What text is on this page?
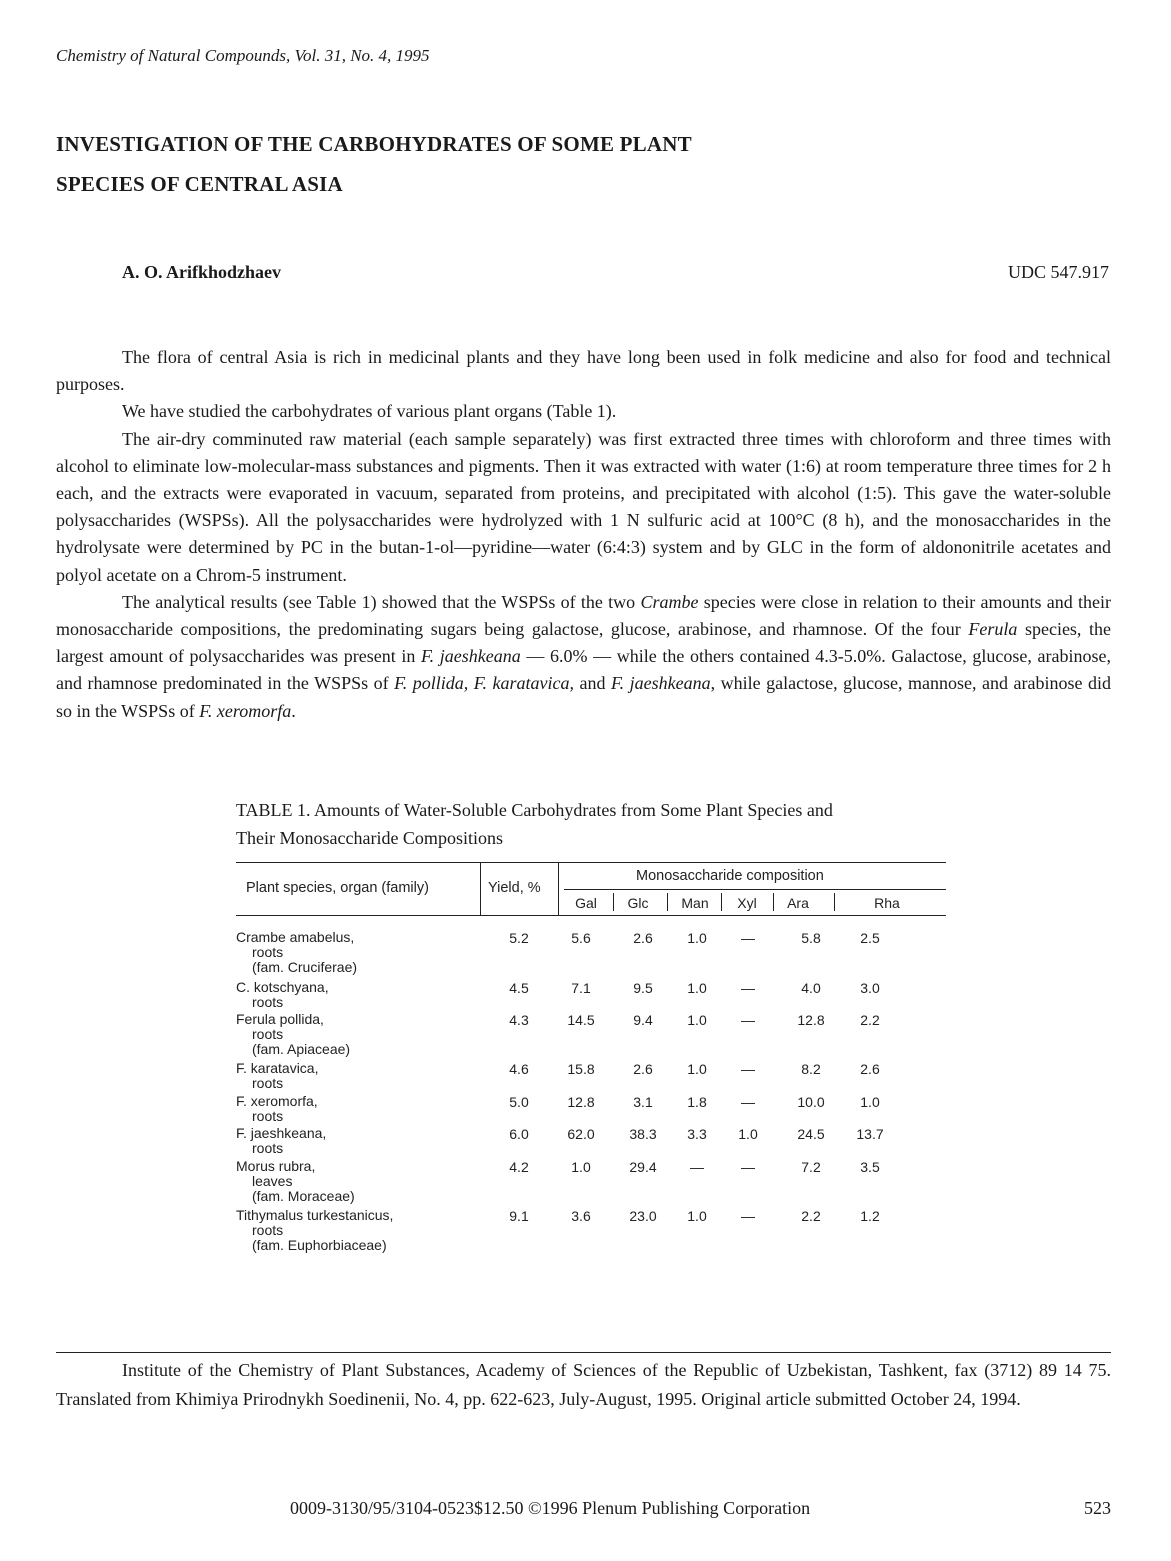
Chemistry of Natural Compounds, Vol. 31, No. 4, 1995
INVESTIGATION OF THE CARBOHYDRATES OF SOME PLANT
SPECIES OF CENTRAL ASIA
A. O. Arifkhodzhaev	UDC 547.917

The flora of central Asia is rich in medicinal plants and they have long been used in folk medicine and also for food and technical purposes.

We have studied the carbohydrates of various plant organs (Table 1).

The air-dry comminuted raw material (each sample separately) was first extracted three times with chloroform and three times with alcohol to eliminate low-molecular-mass substances and pigments. Then it was extracted with water (1:6) at room temperature three times for 2 h each, and the extracts were evaporated in vacuum, separated from proteins, and precipitated with alcohol (1:5). This gave the water-soluble polysaccharides (WSPSs). All the polysaccharides were hydrolyzed with 1 N sulfuric acid at 100°C (8 h), and the monosaccharides in the hydrolysate were determined by PC in the butan-1-ol—pyridine—water (6:4:3) system and by GLC in the form of aldononitrile acetates and polyol acetate on a Chrom-5 instrument.

The analytical results (see Table 1) showed that the WSPSs of the two Crambe species were close in relation to their amounts and their monosaccharide compositions, the predominating sugars being galactose, glucose, arabinose, and rhamnose. Of the four Ferula species, the largest amount of polysaccharides was present in F. jaeshkeana — 6.0% — while the others contained 4.3-5.0%. Galactose, glucose, arabinose, and rhamnose predominated in the WSPSs of F. pollida, F. karatavica, and F. jaeshkeana, while galactose, glucose, mannose, and arabinose did so in the WSPSs of F. xeromorfa.

TABLE 1. Amounts of Water-Soluble Carbohydrates from Some Plant Species and
Their Monosaccharide Compositions
Plant species, organ (family)	Yield, %
Monosaccharide composition
Gal	Glc	Man	Xyl	Ara	Rha
Crambe amabelus,
roots
(fam. Cruciferae)
5.2	5.6	2.6	1.0	—	5.8	2.5
C. kotschyana,
roots
4.5	7.1	9.5	1.0	—	4.0	3.0
Ferula pollida,
roots
(fam. Apiaceae)
4.3	14.5	9.4	1.0	—	12.8	2.2
F. karatavica,
roots
4.6	15.8	2.6	1.0	—	8.2	2.6
F. xeromorfa,
roots
5.0	12.8	3.1	1.8	—	10.0	1.0
F. jaeshkeana,
roots
6.0	62.0	38.3	3.3	1.0	24.5	13.7
Morus rubra,
leaves
(fam. Moraceae)
4.2	1.0	29.4	—	—	7.2	3.5
Tithymalus turkestanicus,
roots
(fam. Euphorbiaceae)
9.1	3.6	23.0	1.0	—	2.2	1.2

Institute of the Chemistry of Plant Substances, Academy of Sciences of the Republic of Uzbekistan, Tashkent, fax (3712) 89 14 75. Translated from Khimiya Prirodnykh Soedinenii, No. 4, pp. 622-623, July-August, 1995. Original article submitted October 24, 1994.

0009-3130/95/3104-0523$12.50 ©1996 Plenum Publishing Corporation	523
